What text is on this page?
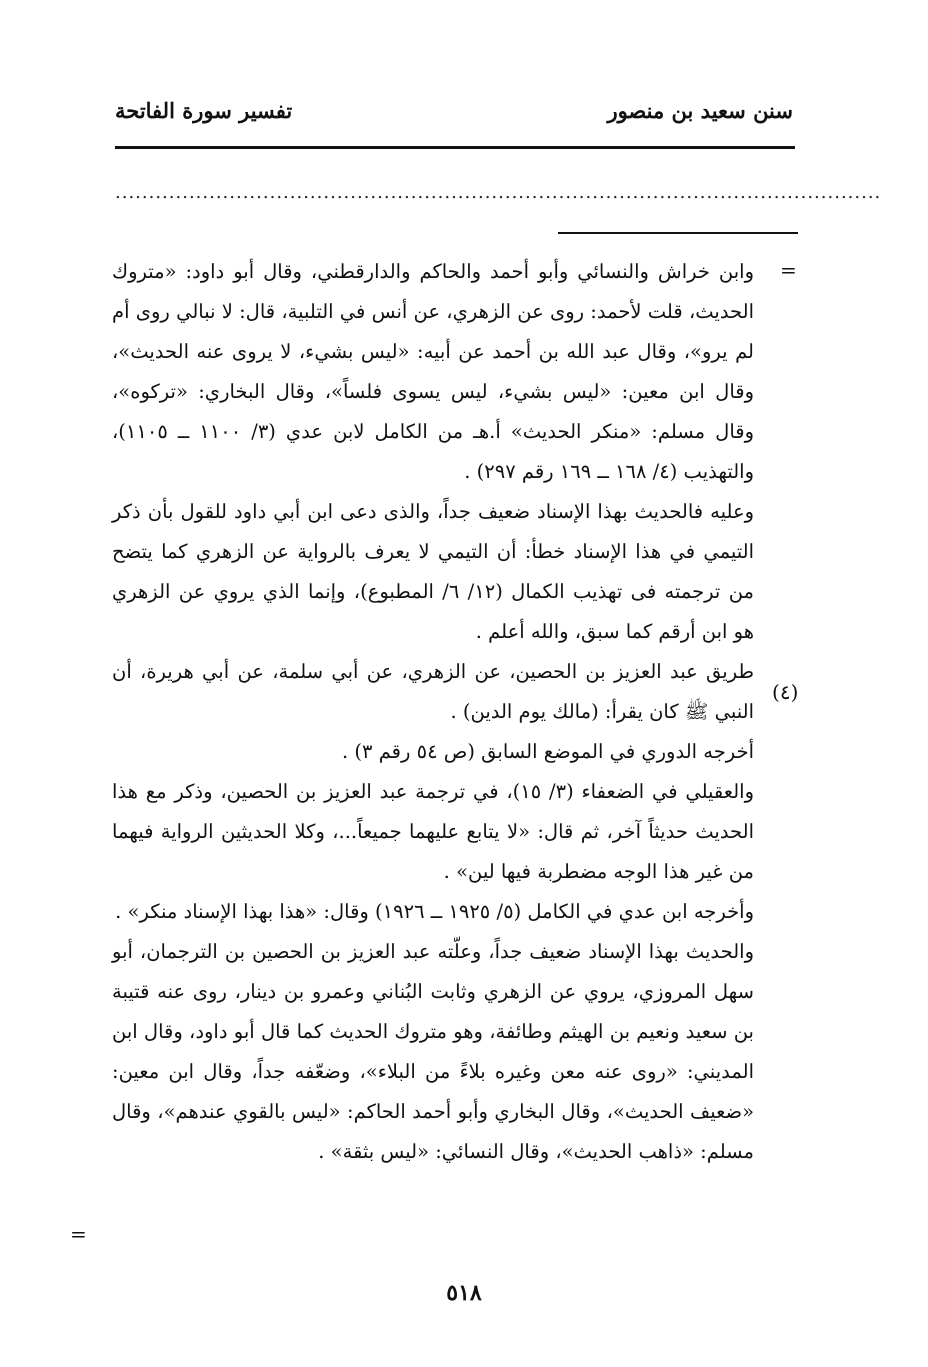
سنن سعيد بن منصور
تفسير سورة الفاتحة
..................................................................................................................
=
(٤)
=

وابن خراش والنسائي وأبو أحمد والحاكم والدارقطني، وقال أبو داود: «متروك الحديث، قلت لأحمد: روى عن الزهري، عن أنس في التلبية، قال: لا نبالي روى أم لم يرو»، وقال عبد الله بن أحمد عن أبيه: «ليس بشيء، لا يروى عنه الحديث»، وقال ابن معين: «ليس بشيء، ليس يسوى فلساً»، وقال البخاري: «تركوه»، وقال مسلم: «منكر الحديث» أ.هـ من الكامل لابن عدي (٣/ ١١٠٠ ــ ١١٠٥)، والتهذيب (٤/ ١٦٨ ــ ١٦٩ رقم ٢٩٧) .

وعليه فالحديث بهذا الإسناد ضعيف جداً، والذى دعى ابن أبي داود للقول بأن ذكر التيمي في هذا الإسناد خطأ: أن التيمي لا يعرف بالرواية عن الزهري كما يتضح من ترجمته فى تهذيب الكمال (١٢/ ٦/ المطبوع)، وإنما الذي يروي عن الزهري هو ابن أرقم كما سبق، والله أعلم .

طريق عبد العزيز بن الحصين، عن الزهري، عن أبي سلمة، عن أبي هريرة، أن النبي ﷺ كان يقرأ: (مالك يوم الدين) .

أخرجه الدوري في الموضع السابق (ص ٥٤ رقم ٣) .

والعقيلي في الضعفاء (٣/ ١٥)، في ترجمة عبد العزيز بن الحصين، وذكر مع هذا الحديث حديثاً آخر، ثم قال: «لا يتابع عليهما جميعاً...، وكلا الحديثين الرواية فيهما من غير هذا الوجه مضطربة فيها لين» .

وأخرجه ابن عدي في الكامل (٥/ ١٩٢٥ ــ ١٩٢٦) وقال: «هذا بهذا الإسناد منكر» .

والحديث بهذا الإسناد ضعيف جداً، وعلّته عبد العزيز بن الحصين بن الترجمان، أبو سهل المروزي، يروي عن الزهري وثابت البُناني وعمرو بن دينار، روى عنه قتيبة بن سعيد ونعيم بن الهيثم وطائفة، وهو متروك الحديث كما قال أبو داود، وقال ابن المديني: «روى عنه معن وغيره بلاءً من البلاء»، وضعّفه جداً، وقال ابن معين: «ضعيف الحديث»، وقال البخاري وأبو أحمد الحاكم: «ليس بالقوي عندهم»، وقال مسلم: «ذاهب الحديث»، وقال النسائي: «ليس بثقة» .

٥١٨
